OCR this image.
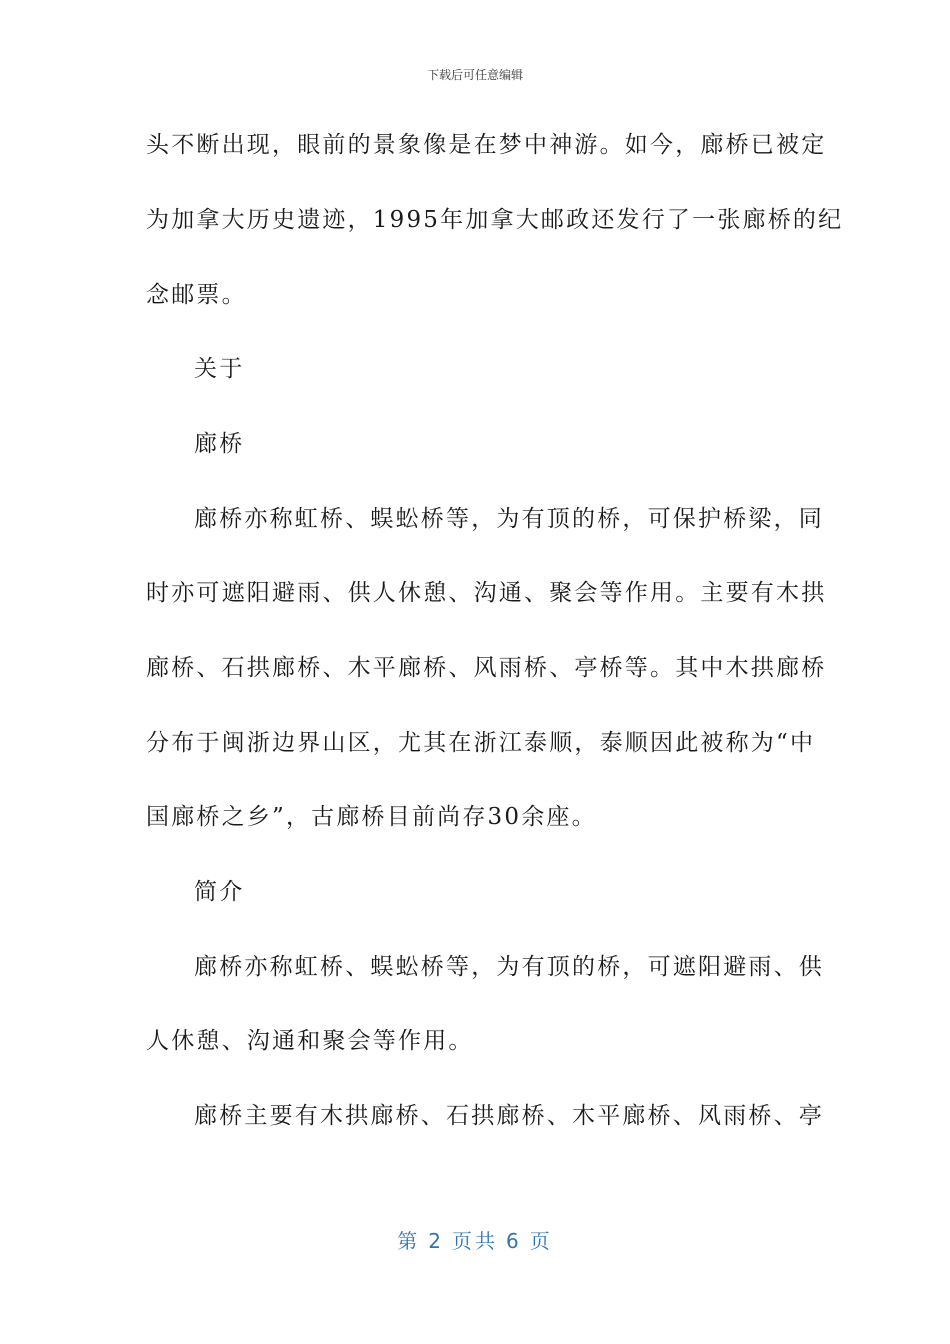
下载后可任意编辑
头不断出现，眼前的景象像是在梦中神游。如今，廊桥已被定
为加拿大历史遗迹，1995年加拿大邮政还发行了一张廊桥的纪
念邮票。
关于
廊桥
廊桥亦称虹桥、蜈蚣桥等，为有顶的桥，可保护桥梁，同
时亦可遮阳避雨、供人休憩、沟通、聚会等作用。主要有木拱
廊桥、石拱廊桥、木平廊桥、风雨桥、亭桥等。其中木拱廊桥
分布于闽浙边界山区，尤其在浙江泰顺，泰顺因此被称为“中
国廊桥之乡”，古廊桥目前尚存30余座。
简介
廊桥亦称虹桥、蜈蚣桥等，为有顶的桥，可遮阳避雨、供
人休憩、沟通和聚会等作用。
廊桥主要有木拱廊桥、石拱廊桥、木平廊桥、风雨桥、亭
第 2 页共 6 页
